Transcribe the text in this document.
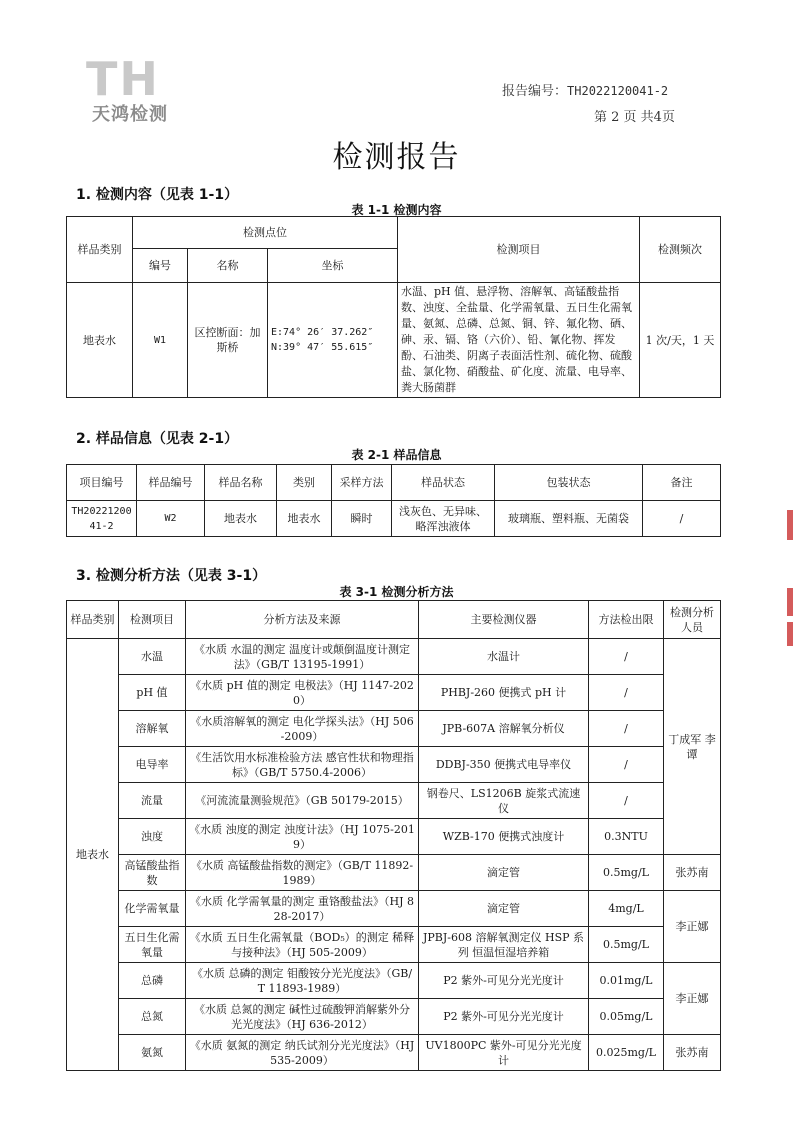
TH
天鸿检测
报告编号：TH2022120041-2
第 2 页 共4页
检测报告
1. 检测内容（见表 1-1）
表 1-1 检测内容
样品类别	检测点位			检测项目	检测频次
	编号	名称	坐标		
地表水	W1	区控断面：加斯桥	E:74° 26′ 37.262″
N:39° 47′ 55.615″	水温、pH 值、悬浮物、溶解氧、高锰酸盐指数、浊度、全盐量、化学需氧量、五日生化需氧量、氨氮、总磷、总氮、铜、锌、氟化物、硒、砷、汞、镉、铬（六价）、铅、氰化物、挥发酚、石油类、阴离子表面活性剂、硫化物、硫酸盐、氯化物、硝酸盐、矿化度、流量、电导率、粪大肠菌群	1 次/天，1 天
2. 样品信息（见表 2-1）
表 2-1 样品信息
项目编号	样品编号	样品名称	类别	采样方法	样品状态	包装状态	备注
TH2022120041-2	W2	地表水	地表水	瞬时	浅灰色、无异味、略浑浊液体	玻璃瓶、塑料瓶、无菌袋	/
3. 检测分析方法（见表 3-1）
表 3-1 检测分析方法
样品类别	检测项目	分析方法及来源	主要检测仪器	方法检出限	检测分析人员
地表水	水温	《水质 水温的测定 温度计或颠倒温度计测定法》（GB/T 13195-1991）	水温计	/	丁成军 李谭
	pH 值	《水质 pH 值的测定 电极法》（HJ 1147-2020）	PHBJ-260 便携式 pH 计	/	
	溶解氧	《水质溶解氧的测定 电化学探头法》（HJ 506-2009）	JPB-607A 溶解氧分析仪	/	
	电导率	《生活饮用水标准检验方法 感官性状和物理指标》（GB/T 5750.4-2006）	DDBJ-350 便携式电导率仪	/	
	流量	《河流流量测验规范》（GB 50179-2015）	钢卷尺、LS1206B 旋浆式流速仪	/	
	浊度	《水质 浊度的测定 浊度计法》（HJ 1075-2019）	WZB-170 便携式浊度计	0.3NTU	
	高锰酸盐指数	《水质 高锰酸盐指数的测定》（GB/T 11892-1989）	滴定管	0.5mg/L	张苏南
	化学需氧量	《水质 化学需氧量的测定 重铬酸盐法》（HJ 828-2017）	滴定管	4mg/L	李正娜
	五日生化需氧量	《水质 五日生化需氧量（BOD₅）的测定 稀释与接种法》（HJ 505-2009）	JPBJ-608 溶解氧测定仪 HSP 系列 恒温恒湿培养箱	0.5mg/L	
	总磷	《水质 总磷的测定 钼酸铵分光光度法》（GB/T 11893-1989）	P2 紫外-可见分光光度计	0.01mg/L	李正娜
	总氮	《水质 总氮的测定 碱性过硫酸钾消解紫外分光光度法》（HJ 636-2012）	P2 紫外-可见分光光度计	0.05mg/L	
	氨氮	《水质 氨氮的测定 纳氏试剂分光光度法》（HJ 535-2009）	UV1800PC 紫外-可见分光光度计	0.025mg/L	张苏南
